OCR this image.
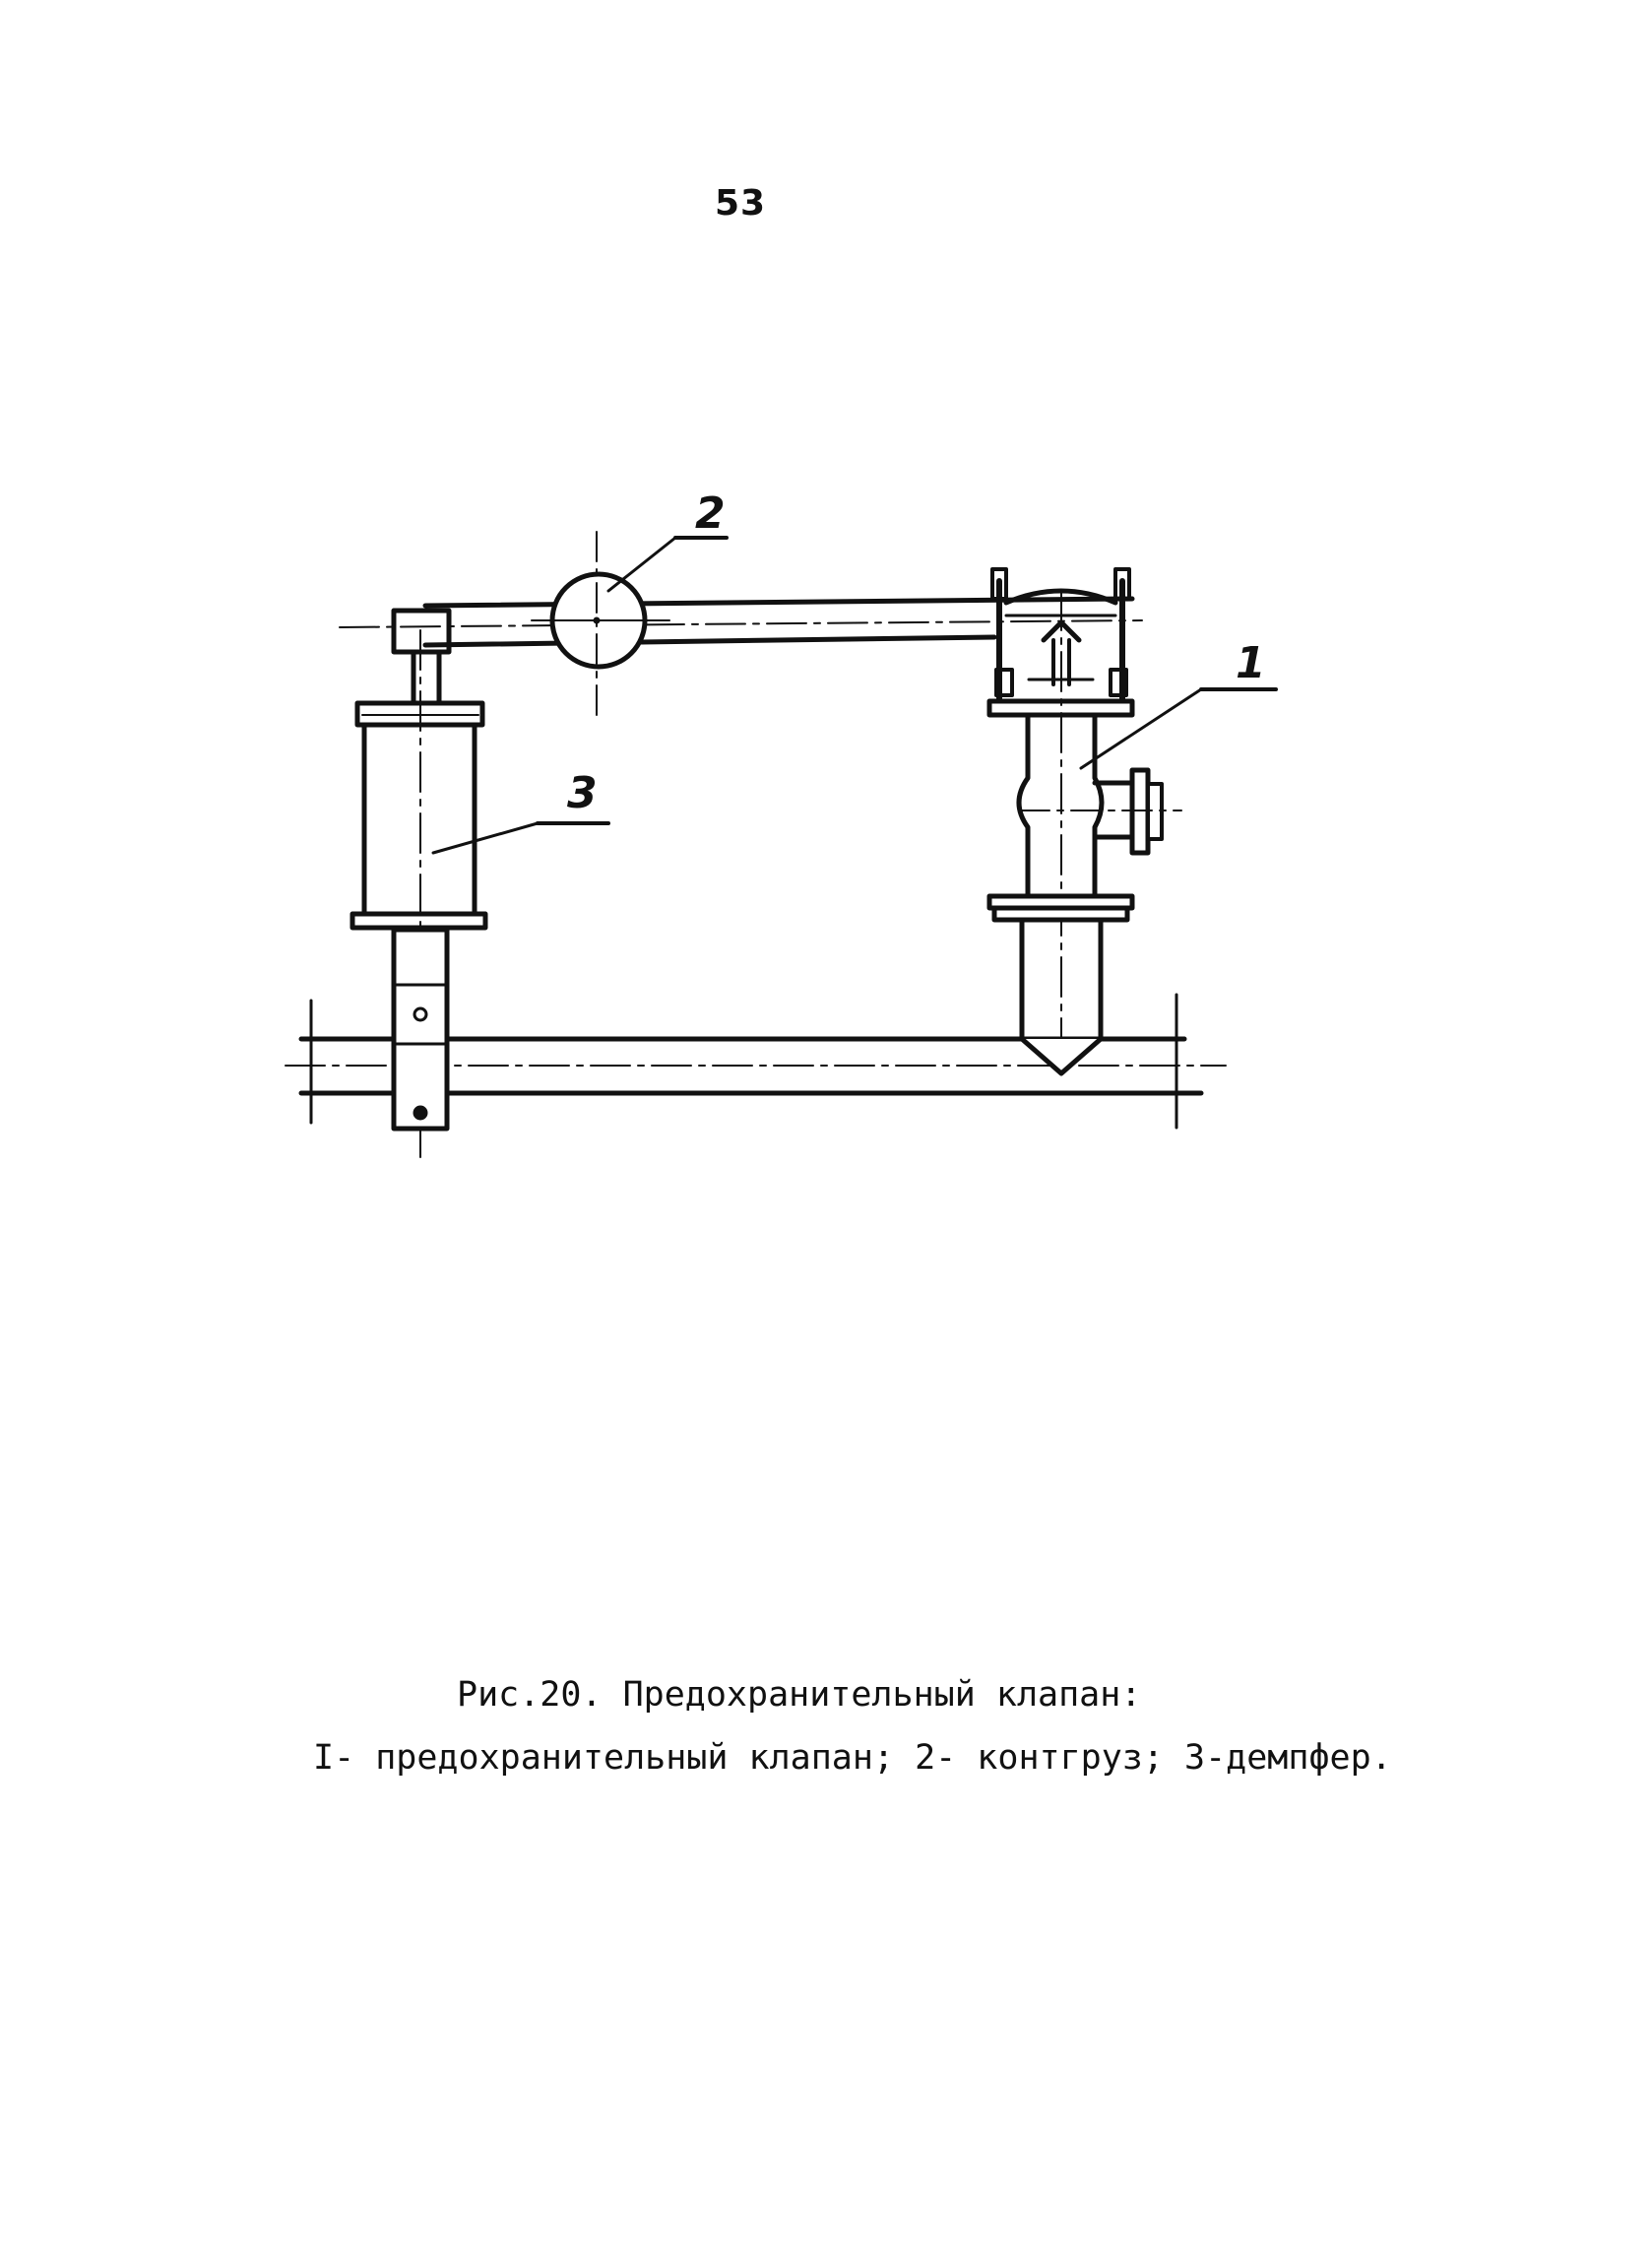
53
2
3
1
Рис.20. Предохранительный клапан:
I- предохранительный клапан; 2- контгруз; 3-демпфер.
